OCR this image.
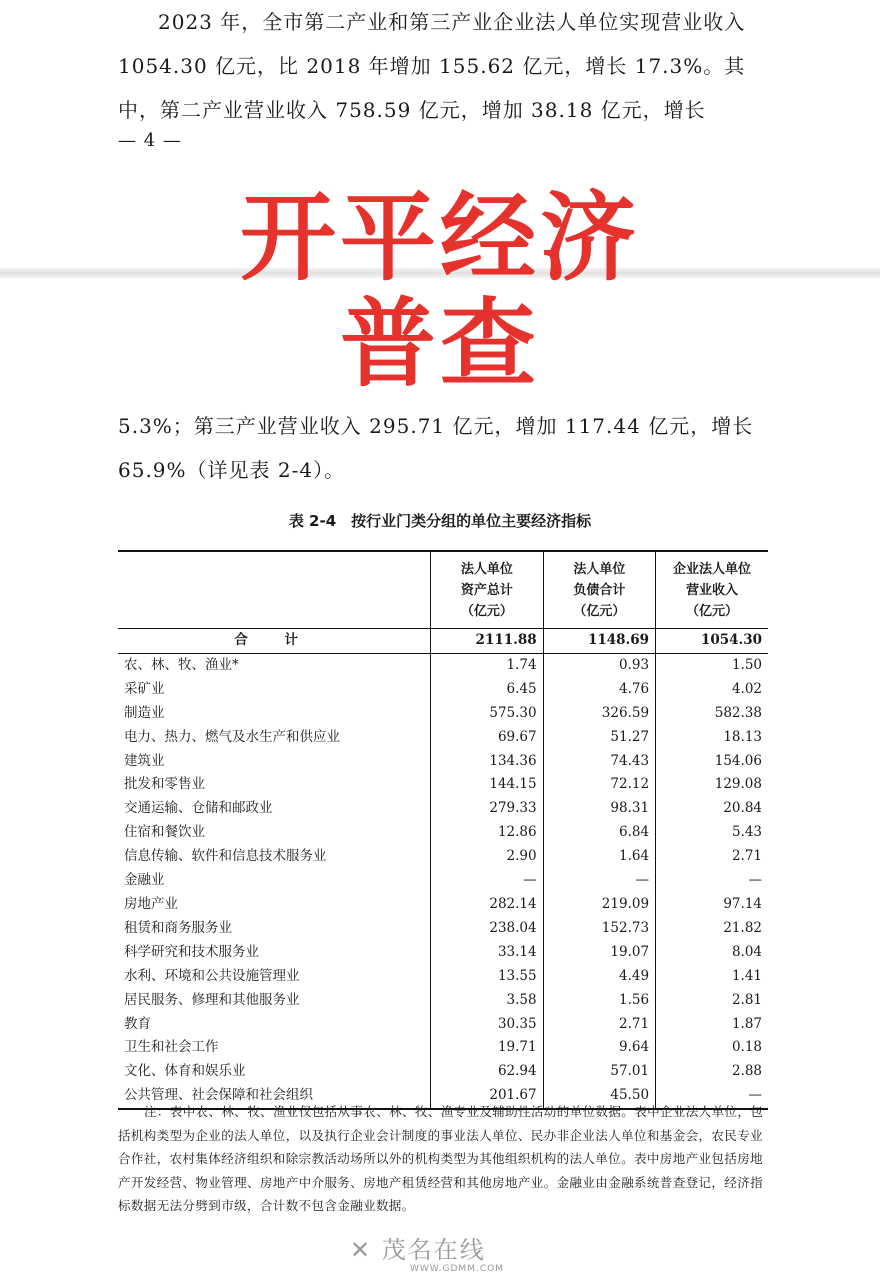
2023 年，全市第二产业和第三产业企业法人单位实现营业收入 1054.30 亿元，比 2018 年增加 155.62 亿元，增长 17.3%。其中，第二产业营业收入 758.59 亿元，增加 38.18 亿元，增长

— 4 —
开平经济
普查

5.3%；第三产业营业收入 295.71 亿元，增加 117.44 亿元，增长 65.9%（详见表 2-4）。

表 2-4　按行业门类分组的单位主要经济指标
	法人单位
资产总计
（亿元）	法人单位
负债合计
（亿元）	企业法人单位
营业收入
（亿元）
合 计	2111.88	1148.69	1054.30
农、林、牧、渔业*	1.74	0.93	1.50
采矿业	6.45	4.76	4.02
制造业	575.30	326.59	582.38
电力、热力、燃气及水生产和供应业	69.67	51.27	18.13
建筑业	134.36	74.43	154.06
批发和零售业	144.15	72.12	129.08
交通运输、仓储和邮政业	279.33	98.31	20.84
住宿和餐饮业	12.86	6.84	5.43
信息传输、软件和信息技术服务业	2.90	1.64	2.71
金融业	—	—	—
房地产业	282.14	219.09	97.14
租赁和商务服务业	238.04	152.73	21.82
科学研究和技术服务业	33.14	19.07	8.04
水利、环境和公共设施管理业	13.55	4.49	1.41
居民服务、修理和其他服务业	3.58	1.56	2.81
教育	30.35	2.71	1.87
卫生和社会工作	19.71	9.64	0.18
文化、体育和娱乐业	62.94	57.01	2.88
公共管理、社会保障和社会组织	201.67	45.50	—

注：表中农、林、牧、渔业仅包括从事农、林、牧、渔专业及辅助性活动的单位数据。表中企业法人单位，包括机构类型为企业的法人单位，以及执行企业会计制度的事业法人单位、民办非企业法人单位和基金会，农民专业合作社，农村集体经济组织和除宗教活动场所以外的机构类型为其他组织机构的法人单位。表中房地产业包括房地产开发经营、物业管理、房地产中介服务、房地产租赁经营和其他房地产业。金融业由金融系统普查登记，经济指标数据无法分劈到市级，合计数不包含金融业数据。

✕ 茂名在线
WWW.GDMM.COM
